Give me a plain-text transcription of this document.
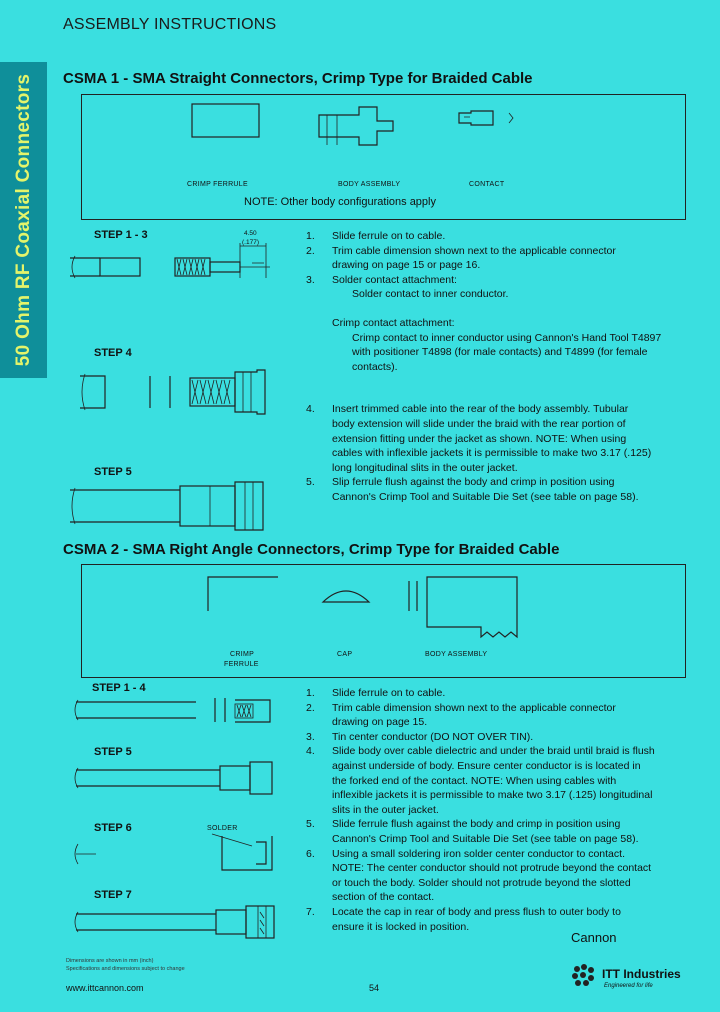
ASSEMBLY INSTRUCTIONS
50 Ohm RF Coaxial Connectors CSMA 1 - SMA Straight Connectors, Crimp Type for Braided Cable
CRIMP FERRULE	BODY ASSEMBLY	CONTACT
NOTE: Other body configurations apply
STEP 1 - 3
STEP 4
STEP 5
4.50
(.177)
1.	Slide ferrule on to cable.
2.	Trim cable dimension shown next to the applicable connector
drawing on page 15 or page 16.
3.	Solder contact attachment:
Solder contact to inner conductor.
Crimp contact attachment:
Crimp contact to inner conductor using Cannon's Hand Tool T4897
with positioner T4898 (for male contacts) and T4899 (for female
contacts).
4.	Insert trimmed cable into the rear of the body assembly. Tubular
body extension will slide under the braid with the rear portion of
extension fitting under the jacket as shown. NOTE: When using
cables with inflexible jackets it is permissible to make two 3.17 (.125)
long longitudinal slits in the outer jacket.
5.	Slip ferrule flush against the body and crimp in position using
Cannon's Crimp Tool and Suitable Die Set (see table on page 58).
CSMA 2 - SMA Right Angle Connectors, Crimp Type for Braided Cable
CRIMP
FERRULE
CAP	BODY ASSEMBLY
STEP 1 - 4
STEP 5
STEP 6
STEP 7
SOLDER
1.	Slide ferrule on to cable.
2.	Trim cable dimension shown next to the applicable connector
drawing on page 15.
3.	Tin center conductor (DO NOT OVER TIN).
4.	Slide body over cable dielectric and under the braid until braid is flush
against underside of body. Ensure center conductor is is located in
the forked end of the contact. NOTE: When using cables with
inflexible jackets it is permissible to make two 3.17 (.125) longitudinal
slits in the outer jacket.
5.	Slide ferrule flush against the body and crimp in position using
Cannon's Crimp Tool and Suitable Die Set (see table on page 58).
6.	Using a small soldering iron solder center conductor to contact.
NOTE: The center conductor should not protrude beyond the contact
or touch the body. Solder should not protrude beyond the slotted
section of the contact.
7.	Locate the cap in rear of body and press flush to outer body to
ensure it is locked in position.
Cannon
Dimensions are shown in mm (inch)
Specifications and dimensions subject to change
www.ittcannon.com	54
ITT Industries
Engineered for life
